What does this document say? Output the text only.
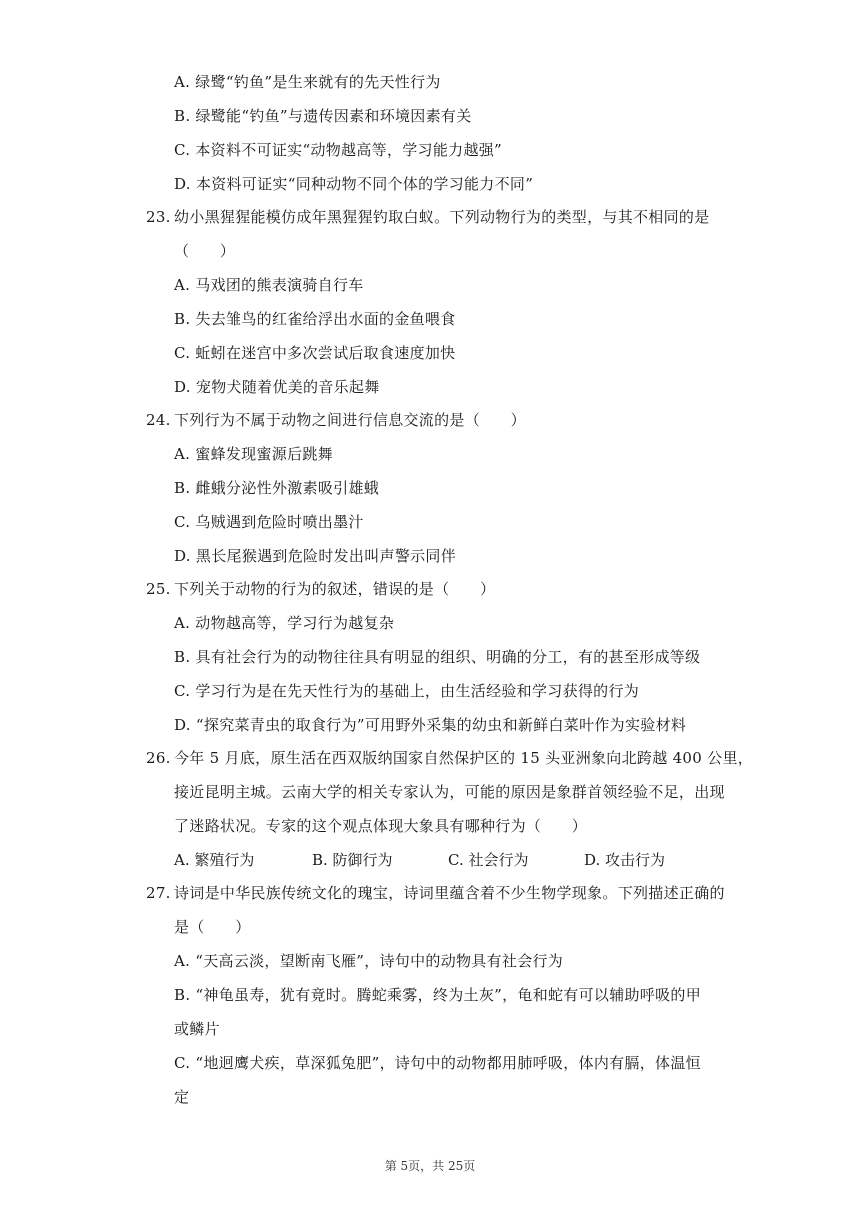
A. 绿鹭“钓鱼”是生来就有的先天性行为
B. 绿鹭能“钓鱼”与遗传因素和环境因素有关
C. 本资料不可证实“动物越高等，学习能力越强”
D. 本资料可证实“同种动物不同个体的学习能力不同”
23. 幼小黑猩猩能模仿成年黑猩猩钓取白蚁。下列动物行为的类型，与其不相同的是
（　　）
A. 马戏团的熊表演骑自行车
B. 失去雏鸟的红雀给浮出水面的金鱼喂食
C. 蚯蚓在迷宫中多次尝试后取食速度加快
D. 宠物犬随着优美的音乐起舞
24. 下列行为不属于动物之间进行信息交流的是（　　）
A. 蜜蜂发现蜜源后跳舞
B. 雌蛾分泌性外激素吸引雄蛾
C. 乌贼遇到危险时喷出墨汁
D. 黑长尾猴遇到危险时发出叫声警示同伴
25. 下列关于动物的行为的叙述，错误的是（　　）
A. 动物越高等，学习行为越复杂
B. 具有社会行为的动物往往具有明显的组织、明确的分工，有的甚至形成等级
C. 学习行为是在先天性行为的基础上，由生活经验和学习获得的行为
D. “探究菜青虫的取食行为”可用野外采集的幼虫和新鲜白菜叶作为实验材料
26. 今年 5 月底，原生活在西双版纳国家自然保护区的 15 头亚洲象向北跨越 400 公里，
接近昆明主城。云南大学的相关专家认为，可能的原因是象群首领经验不足，出现
了迷路状况。专家的这个观点体现大象具有哪种行为（　　）
A. 繁殖行为	B. 防御行为	C. 社会行为	D. 攻击行为
27. 诗词是中华民族传统文化的瑰宝，诗词里蕴含着不少生物学现象。下列描述正确的
是（　　）
A. “天高云淡，望断南飞雁”，诗句中的动物具有社会行为
B. “神龟虽寿，犹有竟时。腾蛇乘雾，终为土灰”，龟和蛇有可以辅助呼吸的甲
或鳞片
C. “地迥鹰犬疾，草深狐兔肥”，诗句中的动物都用肺呼吸，体内有膈，体温恒
定
第 5页，共 25页
